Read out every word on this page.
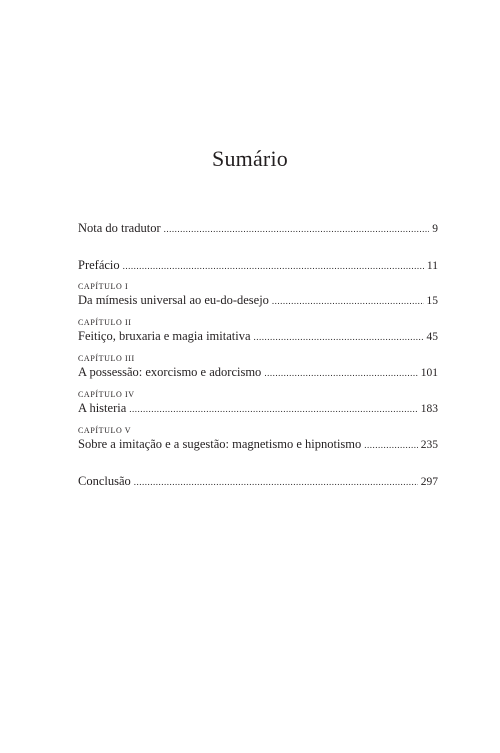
Sumário
Nota do tradutor .....	9
Prefácio .....	11
CAPÍTULO I
Da mímesis universal ao eu-do-desejo .....	15
CAPÍTULO II
Feitiço, bruxaria e magia imitativa .....	45
CAPÍTULO III
A possessão: exorcismo e adorcismo .....	101
CAPÍTULO IV
A histeria .....	183
CAPÍTULO V
Sobre a imitação e a sugestão: magnetismo e hipnotismo .....	235
Conclusão .....	297
